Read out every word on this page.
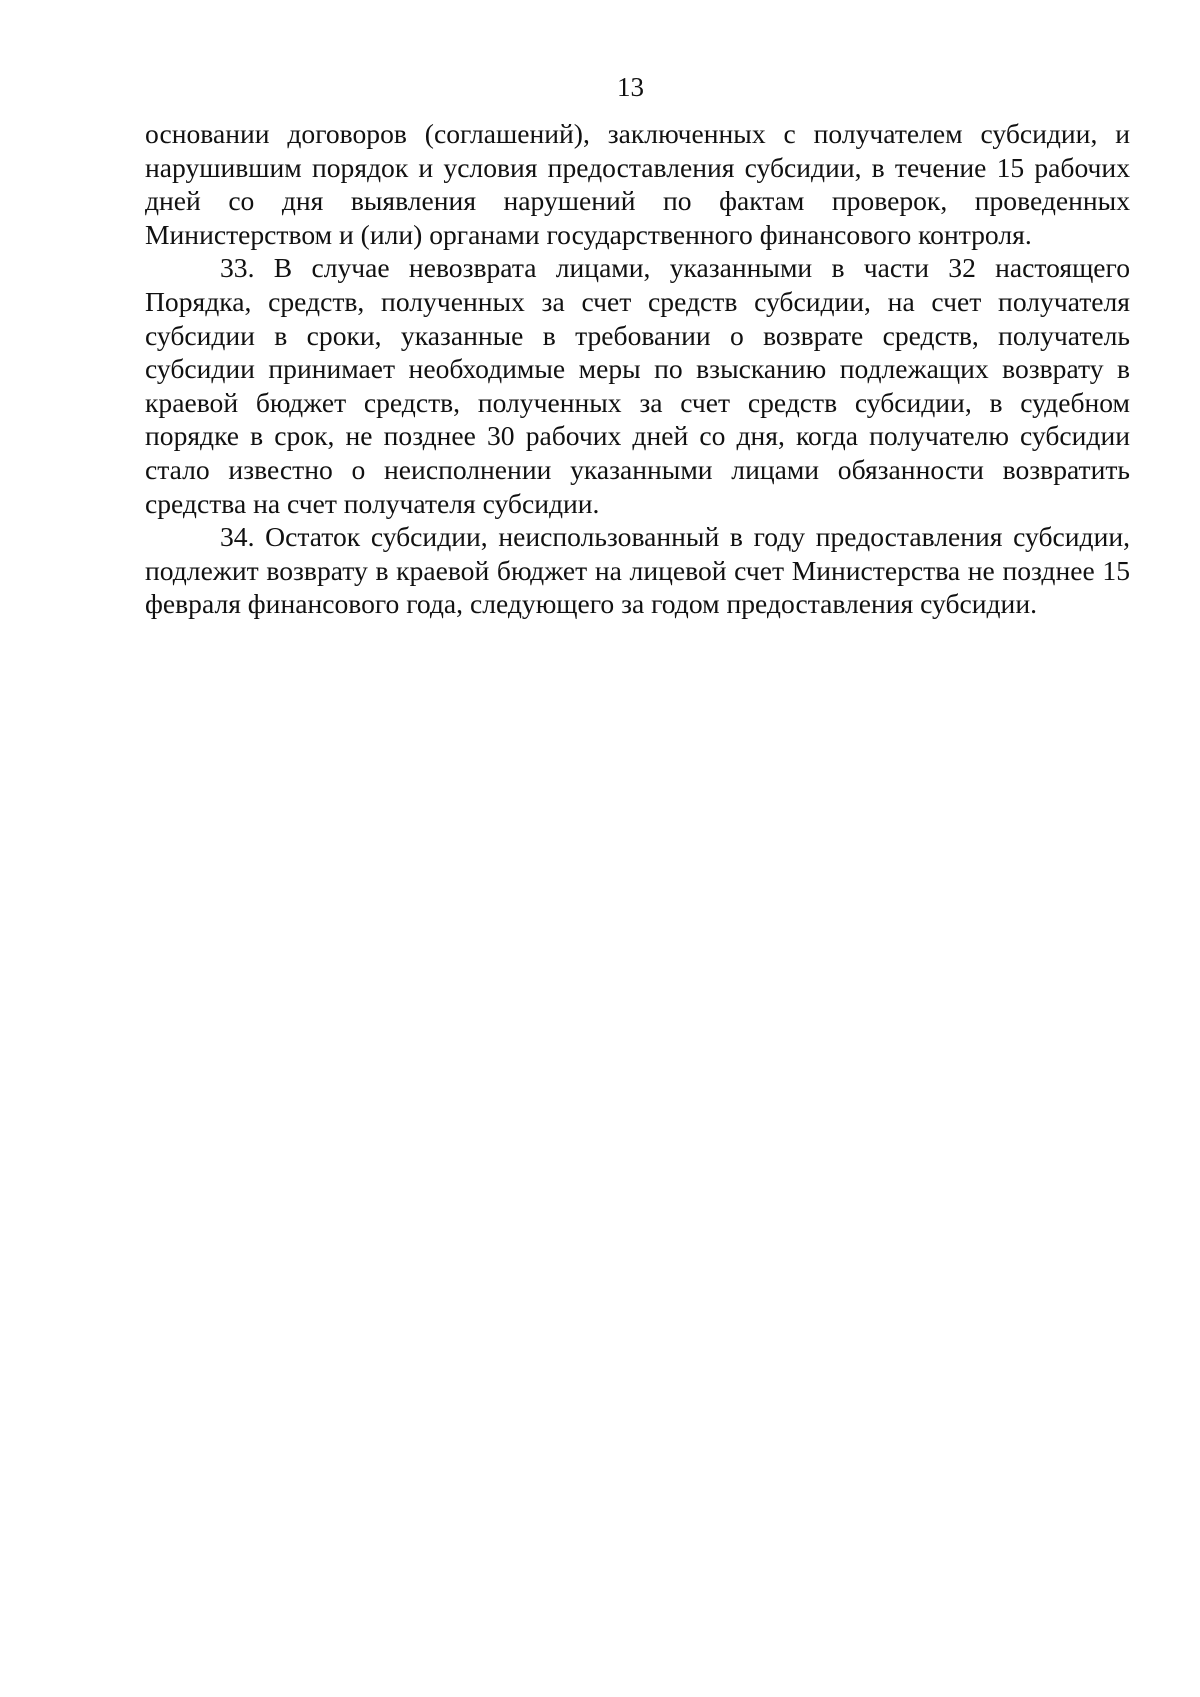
13

основании договоров (соглашений), заключенных с получателем субсидии, и нарушившим порядок и условия предоставления субсидии, в течение 15 рабочих дней со дня выявления нарушений по фактам проверок, проведенных Министерством и (или) органами государственного финансового контроля.

33. В случае невозврата лицами, указанными в части 32 настоящего Порядка, средств, полученных за счет средств субсидии, на счет получателя субсидии в сроки, указанные в требовании о возврате средств, получатель субсидии принимает необходимые меры по взысканию подлежащих возврату в краевой бюджет средств, полученных за счет средств субсидии, в судебном порядке в срок, не позднее 30 рабочих дней со дня, когда получателю субсидии стало известно о неисполнении указанными лицами обязанности возвратить средства на счет получателя субсидии.

34. Остаток субсидии, неиспользованный в году предоставления субсидии, подлежит возврату в краевой бюджет на лицевой счет Министерства не позднее 15 февраля финансового года, следующего за годом предоставления субсидии.
